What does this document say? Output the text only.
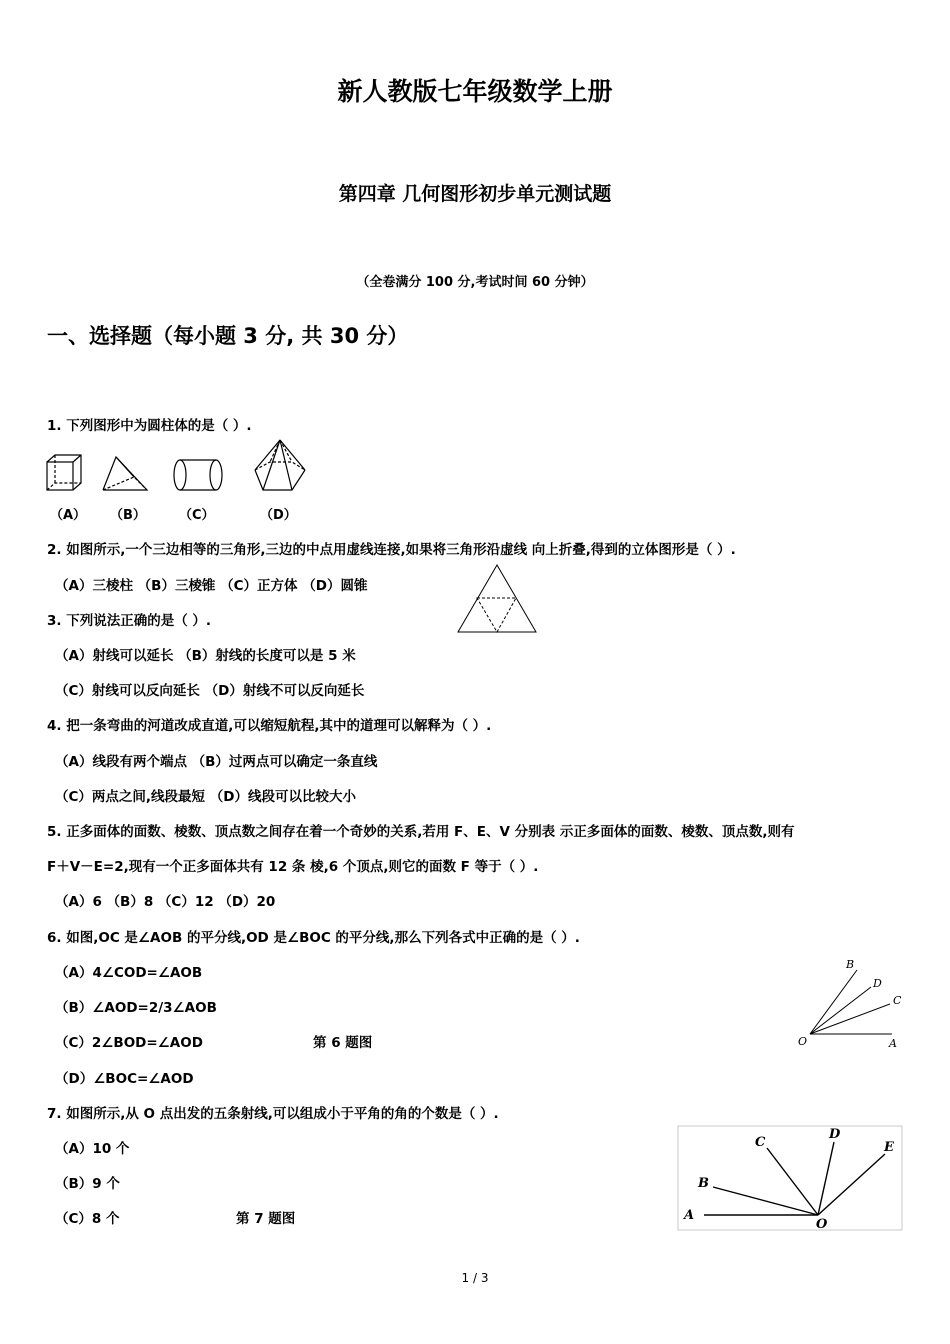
新人教版七年级数学上册
第四章 几何图形初步单元测试题
（全卷满分 100 分,考试时间 60 分钟）
一、选择题（每小题 3 分, 共 30 分）
1. 下列图形中为圆柱体的是（ ）.
（A） （B）	（C）	（D）
2. 如图所示,一个三边相等的三角形,三边的中点用虚线连接,如果将三角形沿虚线 向上折叠,得到的立体图形是（ ）.
（A）三棱柱 （B）三棱锥 （C）正方体 （D）圆锥
3. 下列说法正确的是（ ）.
（A）射线可以延长 （B）射线的长度可以是 5 米
（C）射线可以反向延长 （D）射线不可以反向延长
4. 把一条弯曲的河道改成直道,可以缩短航程,其中的道理可以解释为（ ）.
（A）线段有两个端点 （B）过两点可以确定一条直线
（C）两点之间,线段最短 （D）线段可以比较大小
5. 正多面体的面数、棱数、顶点数之间存在着一个奇妙的关系,若用 F、E、V 分别表 示正多面体的面数、棱数、顶点数,则有
F＋V－E=2,现有一个正多面体共有 12 条 棱,6 个顶点,则它的面数 F 等于（ ）.
（A）6 （B）8 （C）12 （D）20
6. 如图,OC 是∠AOB 的平分线,OD 是∠BOC 的平分线,那么下列各式中正确的是（ ）.
（A）4∠COD=∠AOB
（B）∠AOD=2/3∠AOB
（C）2∠BOD=∠AOD	第 6 题图
（D）∠BOC=∠AOD
O	A
B
C
D
7. 如图所示,从 O 点出发的五条射线,可以组成小于平角的角的个数是（ ）.
（A）10 个
（B）9 个
（C）8 个	第 7 题图	O
A
B
C
D
E
1 / 3
